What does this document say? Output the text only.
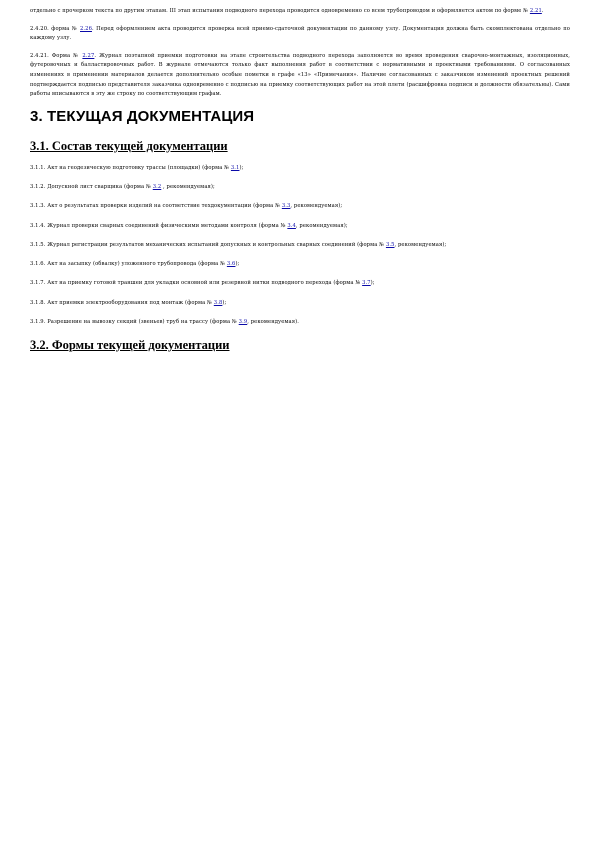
отдельно с прочерком текста по другим этапам. III этап испытания подводного перехода проводится одновременно со всем трубопроводом и оформляется актом по форме № 2.21.

2.4.20. форма № 2.26. Перед оформлением акта проводится проверка всей приемо-сдаточной документации по данному узлу. Документация должна быть скомплектована отдельно по каждому узлу.

2.4.21. Форма № 2.27. Журнал поэтапной приемки подготовки на этапе строительства подводного перехода заполняется во время проведения сварочно-монтажных, изоляционных, футеровочных и балластировочных работ. В журнале отмечаются только факт выполнения работ в соответствии с нормативными и проектными требованиями. О согласованных изменениях в применении материалов делается дополнительно особые пометки в графе «13» «Примечания». Наличие согласованных с заказчиком изменений проектных решений подтверждается подписью представителя заказчика одновременно с подписью на приемку соответствующих работ на этой плети (расшифровка подписи и должности обязательны). Сами работы вписываются в эту же строку по соответствующим графам.

3. ТЕКУЩАЯ ДОКУМЕНТАЦИЯ
3.1. Состав текущей документации

3.1.1. Акт на геодезическую подготовку трассы (площадки) (форма № 3.1);

3.1.2. Допускной лист сварщика (форма № 3.2 , рекомендуемая);

3.1.3. Акт о результатах проверки изделий на соответствие техдокументации (форма № 3.3, рекомендуемая);

3.1.4. Журнал проверки сварных соединений физическими методами контроля (форма № 3.4, рекомендуемая);

3.1.5. Журнал регистрации результатов механических испытаний допускных и контрольных сварных соединений (форма № 3.5, рекомендуемая);

3.1.6. Акт на засыпку (обвалку) уложенного трубопровода (форма № 3.6);

3.1.7. Акт на приемку готовой траншеи для укладки основной или резервной нитки подводного перехода (форма № 3.7);

3.1.8. Акт приемки электрооборудования под монтаж (форма № 3.8);

3.1.9. Разрешение на вывозку секций (звеньев) труб на трассу (форма № 3.9, рекомендуемая).

3.2. Формы текущей документации
